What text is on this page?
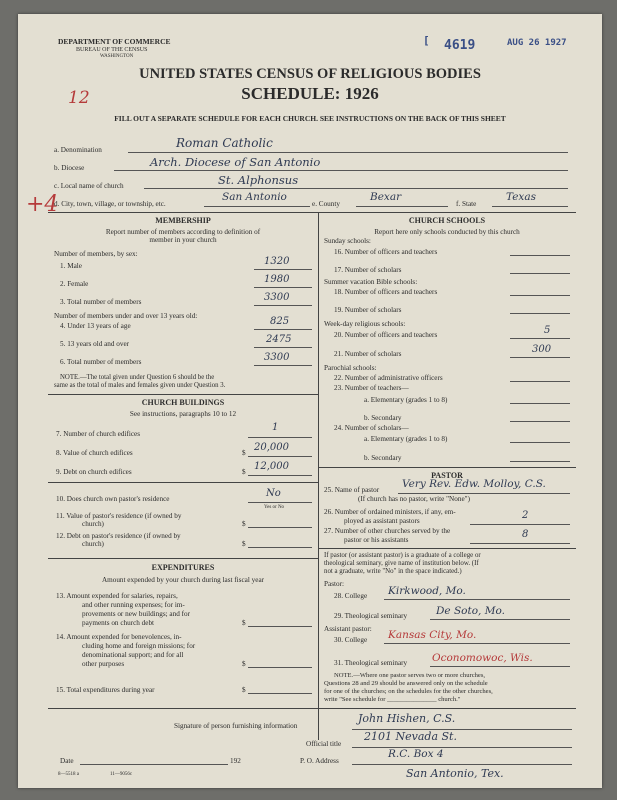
DEPARTMENT OF COMMERCE
BUREAU OF THE CENSUS
WASHINGTON
[ 4619	AUG 26 1927
UNITED STATES CENSUS OF RELIGIOUS BODIES
SCHEDULE: 1926
12
FILL OUT A SEPARATE SCHEDULE FOR EACH CHURCH. SEE INSTRUCTIONS ON THE BACK OF THIS SHEET
a. Denomination	Roman Catholic
b. Diocese	Arch. Diocese of San Antonio
c. Local name of church	St. Alphonsus
+4
d. City, town, village, or township, etc.
San Antonio
e. County
Bexar
f. State
Texas
MEMBERSHIP
Report number of members according to definition of
member in your church
Number of members, by sex:
1. Male	1320
2. Female	1980
3. Total number of members	3300
Number of members under and over 13 years old:
4. Under 13 years of age	825
5. 13 years old and over	2475
6. Total number of members	3300
NOTE.—The total given under Question 6 should be the
same as the total of males and females given under Question 3.
CHURCH BUILDINGS
See instructions, paragraphs 10 to 12
7. Number of church edifices
1
8. Value of church edifices	$ 20,000
9. Debt on church edifices	$ 12,000
10. Does church own pastor's residence	No
Yes or No
11. Value of pastor's residence (if owned by
church)	$
12. Debt on pastor's residence (if owned by
church)	$
EXPENDITURES
Amount expended by your church during last fiscal year
13. Amount expended for salaries, repairs,
and other running expenses; for im-
provements or new buildings; and for
payments on church debt	$
14. Amount expended for benevolences, in-
cluding home and foreign missions; for
denominational support; and for all
other purposes	$
15. Total expenditures during year	$
CHURCH SCHOOLS
Report here only schools conducted by this church
Sunday schools:
16. Number of officers and teachers
17. Number of scholars
Summer vacation Bible schools:
18. Number of officers and teachers
19. Number of scholars
Week-day religious schools:
20. Number of officers and teachers	5
21. Number of scholars	300
Parochial schools:
22. Number of administrative officers
23. Number of teachers—
a. Elementary (grades 1 to 8)
b. Secondary
24. Number of scholars—
a. Elementary (grades 1 to 8)
b. Secondary
PASTOR
25. Name of pastor Very Rev. Edw. Molloy, C.S.
(If church has no pastor, write "None")
26. Number of ordained ministers, if any, em-
ployed as assistant pastors	2
27. Number of other churches served by the
pastor or his assistants	8
If pastor (or assistant pastor) is a graduate of a college or
theological seminary, give name of institution below. (If
not a graduate, write "No" in the space indicated.)
Pastor:
28. College Kirkwood, Mo.
29. Theological seminary	De Soto, Mo.
Assistant pastor:
30. College Kansas City, Mo.
31. Theological seminary Oconomowoc, Wis.
NOTE.—Where one pastor serves two or more churches,
Questions 28 and 29 should be answered only on the schedule
for one of the churches; on the schedules for the other churches,
write "See schedule for _______________ church."
Signature of person furnishing information
John Hishen, C.S.
Official title
2101 Nevada St.
Date	192	P. O. Address
R.C. Box 4
San Antonio, Tex.
8—5518 a	11—9056c
